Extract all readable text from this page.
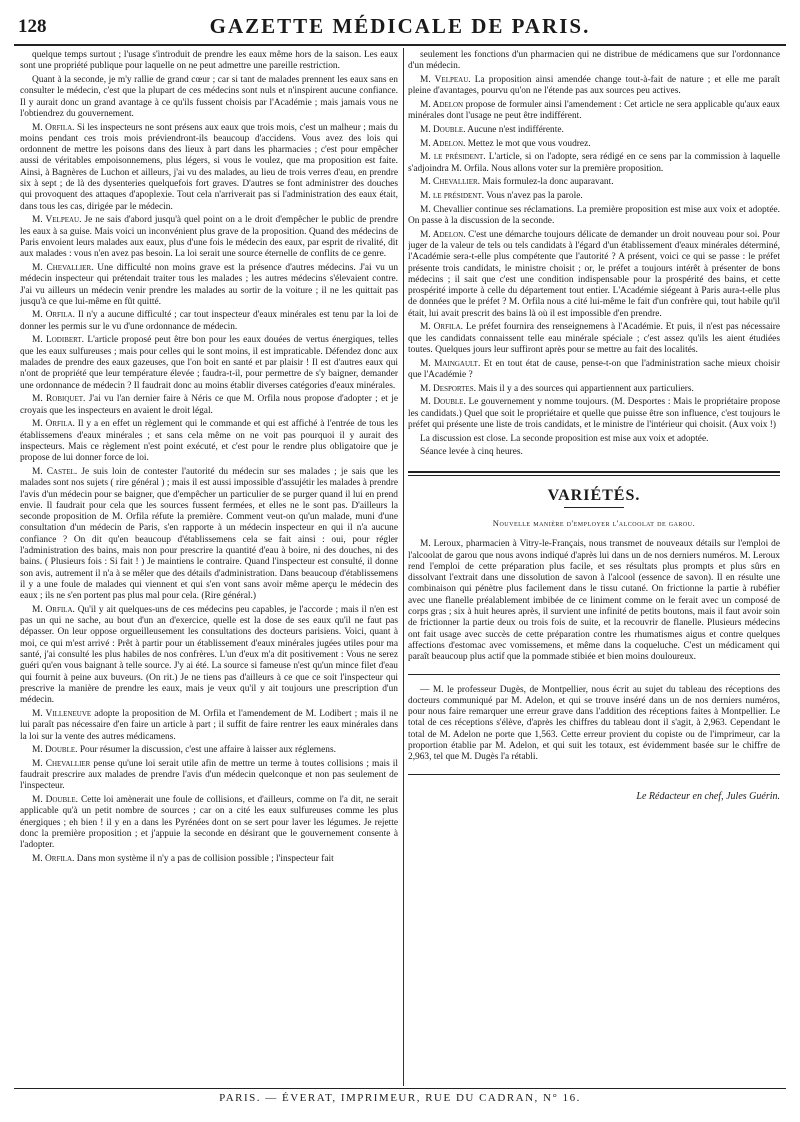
128	GAZETTE MÉDICALE DE PARIS.

quelque temps surtout ; l'usage s'introduit de prendre les eaux même hors de la saison. Les eaux sont une propriété publique pour laquelle on ne peut admettre une pareille restriction.

Quant à la seconde, je m'y rallie de grand cœur ; car si tant de malades prennent les eaux sans en consulter le médecin, c'est que la plupart de ces médecins sont nuls et n'inspirent aucune confiance. Il y aurait donc un grand avantage à ce qu'ils fussent choisis par l'Académie ; mais jamais vous ne l'obtiendrez du gouvernement.

M. Orfila. Si les inspecteurs ne sont présens aux eaux que trois mois, c'est un malheur ; mais du moins pendant ces trois mois préviendront-ils beaucoup d'accidens. Vous avez des lois qui ordonnent de mettre les poisons dans des lieux à part dans les pharmacies ; c'est pour empêcher aussi de véritables empoisonnemens, plus légers, si vous le voulez, que ma proposition est faite. Ainsi, à Bagnères de Luchon et ailleurs, j'ai vu des malades, au lieu de trois verres d'eau, en prendre six à sept ; de là des dysenteries quelquefois fort graves. D'autres se font administrer des douches qui provoquent des attaques d'apoplexie. Tout cela n'arriverait pas si l'administration des eaux était, dans tous les cas, dirigée par le médecin.

M. Velpeau. Je ne sais d'abord jusqu'à quel point on a le droit d'empêcher le public de prendre les eaux à sa guise. Mais voici un inconvénient plus grave de la proposition. Quand des médecins de Paris envoient leurs malades aux eaux, plus d'une fois le médecin des eaux, par esprit de rivalité, dit aux malades : vous n'en avez pas besoin. La loi serait une source éternelle de conflits de ce genre.

M. Chevallier. Une difficulté non moins grave est la présence d'autres médecins. J'ai vu un médecin inspecteur qui prétendait traiter tous les malades ; les autres médecins s'élevaient contre. J'ai vu ailleurs un médecin venir prendre les malades au sortir de la voiture ; il ne les quittait pas jusqu'à ce que lui-même en fût quitté.

M. Orfila. Il n'y a aucune difficulté ; car tout inspecteur d'eaux minérales est tenu par la loi de donner les permis sur le vu d'une ordonnance de médecin.

M. Lodibert. L'article proposé peut être bon pour les eaux douées de vertus énergiques, telles que les eaux sulfureuses ; mais pour celles qui le sont moins, il est impraticable. Défendez donc aux malades de prendre des eaux gazeuses, que l'on boit en santé et par plaisir ! Il est d'autres eaux qui n'ont de propriété que leur température élevée ; faudra-t-il, pour permettre de s'y baigner, demander une ordonnance de médecin ? Il faudrait donc au moins établir diverses catégories d'eaux minérales.

M. Robiquet. J'ai vu l'an dernier faire à Néris ce que M. Orfila nous propose d'adopter ; et je croyais que les inspecteurs en avaient le droit légal.

M. Orfila. Il y a en effet un règlement qui le commande et qui est affiché à l'entrée de tous les établissemens d'eaux minérales ; et sans cela même on ne voit pas pourquoi il y aurait des inspecteurs. Mais ce règlement n'est point exécuté, et c'est pour le rendre plus obligatoire que je propose de lui donner force de loi.

M. Castel. Je suis loin de contester l'autorité du médecin sur ses malades ; je sais que les malades sont nos sujets ( rire général ) ; mais il est aussi impossible d'assujétir les malades à prendre l'avis d'un médecin pour se baigner, que d'empêcher un particulier de se purger quand il lui en prend envie. Il faudrait pour cela que les sources fussent fermées, et elles ne le sont pas. D'ailleurs la seconde proposition de M. Orfila réfute la première. Comment veut-on qu'un malade, muni d'une consultation d'un médecin de Paris, s'en rapporte à un médecin inspecteur en qui il n'a aucune confiance ? On dit qu'en beaucoup d'établissemens cela se fait ainsi : oui, pour régler l'administration des bains, mais non pour prescrire la quantité d'eau à boire, ni des douches, ni des bains. ( Plusieurs fois : Si fait ! ) Je maintiens le contraire. Quand l'inspecteur est consulté, il donne son avis, autrement il n'a à se mêler que des détails d'administration. Dans beaucoup d'établissemens il y a une foule de malades qui viennent et qui s'en vont sans avoir même aperçu le médecin des eaux ; ils ne s'en portent pas plus mal pour cela. (Rire général.)

M. Orfila. Qu'il y ait quelques-uns de ces médecins peu capables, je l'accorde ; mais il n'en est pas un qui ne sache, au bout d'un an d'exercice, quelle est la dose de ses eaux qu'il ne faut pas dépasser. On leur oppose orgueilleusement les consultations des docteurs parisiens. Voici, quant à moi, ce qui m'est arrivé : Prêt à partir pour un établissement d'eaux minérales jugées utiles pour ma santé, j'ai consulté les plus habiles de nos confrères. L'un d'eux m'a dit positivement : Vous ne serez guéri qu'en vous baignant à telle source. J'y ai été. La source si fameuse n'est qu'un mince filet d'eau qui fournit à peine aux buveurs. (On rit.) Je ne tiens pas d'ailleurs à ce que ce soit l'inspecteur qui prescrive la manière de prendre les eaux, mais je veux qu'il y ait toujours une prescription d'un médecin.

M. Villeneuve adopte la proposition de M. Orfila et l'amendement de M. Lodibert ; mais il ne lui paraît pas nécessaire d'en faire un article à part ; il suffit de faire rentrer les eaux minérales dans la loi sur la vente des autres médicamens.

M. Double. Pour résumer la discussion, c'est une affaire à laisser aux réglemens.

M. Chevallier pense qu'une loi serait utile afin de mettre un terme à toutes collisions ; mais il faudrait prescrire aux malades de prendre l'avis d'un médecin quelconque et non pas seulement de l'inspecteur.

M. Double. Cette loi amènerait une foule de collisions, et d'ailleurs, comme on l'a dit, ne serait applicable qu'à un petit nombre de sources ; car on a cité les eaux sulfureuses comme les plus énergiques ; eh bien ! il y en a dans les Pyrénées dont on se sert pour laver les légumes. Je rejette donc la première proposition ; et j'appuie la seconde en désirant que le gouvernement consente à l'adopter.

M. Orfila. Dans mon système il n'y a pas de collision possible ; l'inspecteur fait

seulement les fonctions d'un pharmacien qui ne distribue de médicamens que sur l'ordonnance d'un médecin.

M. Velpeau. La proposition ainsi amendée change tout-à-fait de nature ; et elle me paraît pleine d'avantages, pourvu qu'on ne l'étende pas aux sources peu actives.

M. Adelon propose de formuler ainsi l'amendement : Cet article ne sera applicable qu'aux eaux minérales dont l'usage ne peut être indifférent.

M. Double. Aucune n'est indifférente.

M. Adelon. Mettez le mot que vous voudrez.

M. le président. L'article, si on l'adopte, sera rédigé en ce sens par la commission à laquelle s'adjoindra M. Orfila. Nous allons voter sur la première proposition.

M. Chevallier. Mais formulez-la donc auparavant.

M. le président. Vous n'avez pas la parole.

M. Chevallier continue ses réclamations. La première proposition est mise aux voix et adoptée. On passe à la discussion de la seconde.

M. Adelon. C'est une démarche toujours délicate de demander un droit nouveau pour soi. Pour juger de la valeur de tels ou tels candidats à l'égard d'un établissement d'eaux minérales déterminé, l'Académie sera-t-elle plus compétente que l'autorité ? A présent, voici ce qui se passe : le préfet présente trois candidats, le ministre choisit ; or, le préfet a toujours intérêt à présenter de bons médecins ; il sait que c'est une condition indispensable pour la prospérité des bains, et cette prospérité importe à celle du département tout entier. L'Académie siégeant à Paris aura-t-elle plus de données que le préfet ? M. Orfila nous a cité lui-même le fait d'un confrère qui, tout habile qu'il était, lui avait prescrit des bains là où il est impossible d'en prendre.

M. Orfila. Le préfet fournira des renseignemens à l'Académie. Et puis, il n'est pas nécessaire que les candidats connaissent telle eau minérale spéciale ; c'est assez qu'ils les aient étudiées toutes. Quelques jours leur suffiront après pour se mettre au fait des localités.

M. Maingault. Et en tout état de cause, pense-t-on que l'administration sache mieux choisir que l'Académie ?

M. Desportes. Mais il y a des sources qui appartiennent aux particuliers.

M. Double. Le gouvernement y nomme toujours. (M. Desportes : Mais le propriétaire propose les candidats.) Quel que soit le propriétaire et quelle que puisse être son influence, c'est toujours le préfet qui présente une liste de trois candidats, et le ministre de l'intérieur qui choisit. (Aux voix !)

La discussion est close. La seconde proposition est mise aux voix et adoptée.

Séance levée à cinq heures.

VARIÉTÉS.
Nouvelle manière d'employer l'alcoolat de garou.

M. Leroux, pharmacien à Vitry-le-Français, nous transmet de nouveaux détails sur l'emploi de l'alcoolat de garou que nous avons indiqué d'après lui dans un de nos derniers numéros. M. Leroux rend l'emploi de cette préparation plus facile, et ses résultats plus prompts et plus sûrs en dissolvant l'extrait dans une dissolution de savon à l'alcool (essence de savon). Il en résulte une combinaison qui pénètre plus facilement dans le tissu cutané. On frictionne la partie à rubéfier avec une flanelle préalablement imbibée de ce liniment comme on le ferait avec un composé de corps gras ; six à huit heures après, il survient une infinité de petits boutons, mais il faut avoir soin de frictionner la partie deux ou trois fois de suite, et la recouvrir de flanelle. Plusieurs médecins ont fait usage avec succès de cette préparation contre les rhumatismes aigus et contre quelques affections d'estomac avec vomissemens, et même dans la coqueluche. C'est un médicament qui paraît beaucoup plus actif que la pommade stibiée et bien moins douloureux.

— M. le professeur Dugès, de Montpellier, nous écrit au sujet du tableau des réceptions des docteurs communiqué par M. Adelon, et qui se trouve inséré dans un de nos derniers numéros, pour nous faire remarquer une erreur grave dans l'addition des réceptions faites à Montpellier. Le total de ces réceptions s'élève, d'après les chiffres du tableau dont il s'agit, à 2,963. Cependant le total de M. Adelon ne porte que 1,563. Cette erreur provient du copiste ou de l'imprimeur, car la proportion établie par M. Adelon, et qui suit les totaux, est évidemment basée sur le chiffre de 2,963, tel que M. Dugès l'a rétabli.

Le Rédacteur en chef, Jules Guérin.
PARIS. — ÉVERAT, IMPRIMEUR, RUE DU CADRAN, N° 16.
